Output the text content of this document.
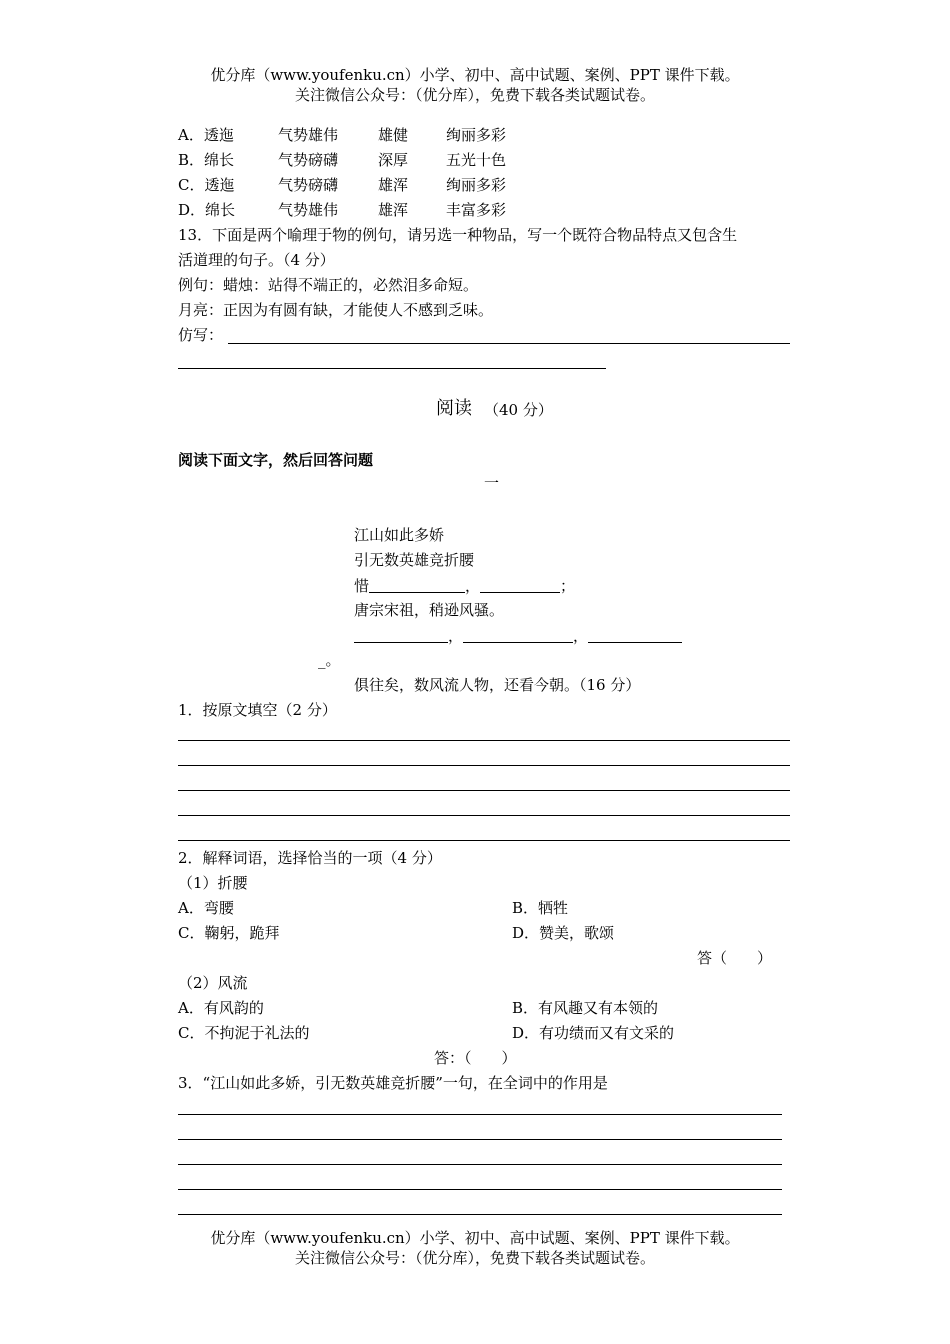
优分库（www.youfenku.cn）小学、初中、高中试题、案例、PPT 课件下载。
关注微信公众号：（优分库），免费下载各类试题试卷。
A．透迤	气势雄伟	雄健	绚丽多彩
B．绵长	气势磅礴	深厚	五光十色
C．透迤	气势磅礴	雄浑	绚丽多彩
D．绵长	气势雄伟	雄浑	丰富多彩
13．下面是两个喻理于物的例句，请另选一种物品，写一个既符合物品特点又包含生
活道理的句子。（4 分）
例句：蜡烛：站得不端正的，必然泪多命短。
月亮：正因为有圆有缺，才能使人不感到乏味。
仿写：
阅读 （40 分）
阅读下面文字，然后回答问题
一
江山如此多娇
引无数英雄竞折腰
惜	，	；
唐宗宋祖，稍逊风骚。
，	，
_。
俱往矣，数风流人物，还看今朝。（16 分）
1．按原文填空（2 分）
2．解释词语，选择恰当的一项（4 分）
（1）折腰
A．弯腰	B．牺牲
C．鞠躬，跪拜	D．赞美，歌颂
答（　　）
（2）风流
A．有风韵的	B．有风趣又有本领的
C．不拘泥于礼法的	D．有功绩而又有文采的
答：（　　）
3．“江山如此多娇，引无数英雄竞折腰”一句，在全词中的作用是
优分库（www.youfenku.cn）小学、初中、高中试题、案例、PPT 课件下载。
关注微信公众号：（优分库），免费下载各类试题试卷。
